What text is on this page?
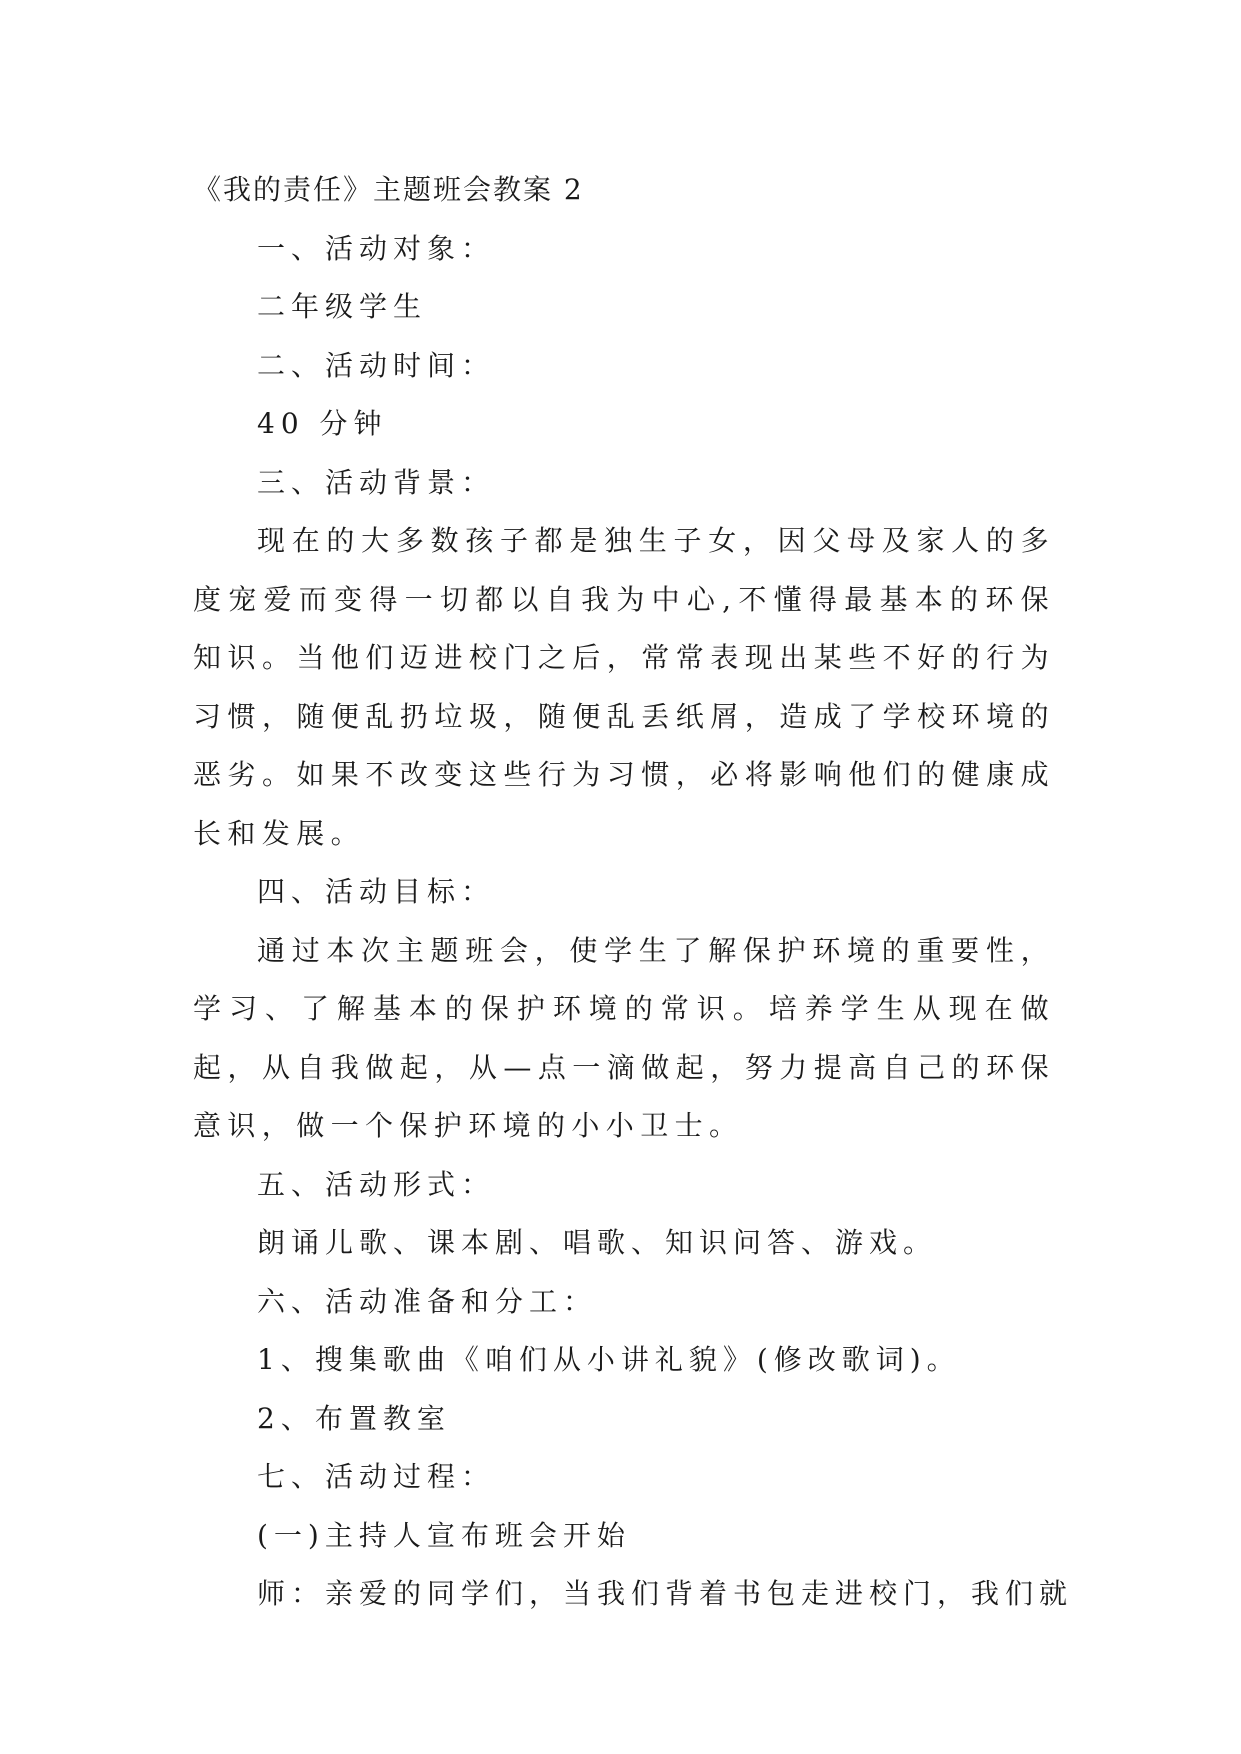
《我的责任》主题班会教案 2

一、活动对象：

二年级学生

二、活动时间：

40 分钟

三、活动背景：

现在的大多数孩子都是独生子女，因父母及家人的多度宠爱而变得一切都以自我为中心,不懂得最基本的环保知识。当他们迈进校门之后，常常表现出某些不好的行为习惯，随便乱扔垃圾，随便乱丢纸屑，造成了学校环境的恶劣。如果不改变这些行为习惯，必将影响他们的健康成长和发展。

四、活动目标：

通过本次主题班会，使学生了解保护环境的重要性，学习、了解基本的保护环境的常识。培养学生从现在做起，从自我做起，从—点一滴做起，努力提高自己的环保意识，做一个保护环境的小小卫士。

五、活动形式：

朗诵儿歌、课本剧、唱歌、知识问答、游戏。

六、活动准备和分工：

1、搜集歌曲《咱们从小讲礼貌》(修改歌词)。

2、布置教室

七、活动过程：

(一)主持人宣布班会开始

师：亲爱的同学们，当我们背着书包走进校门，我们就
